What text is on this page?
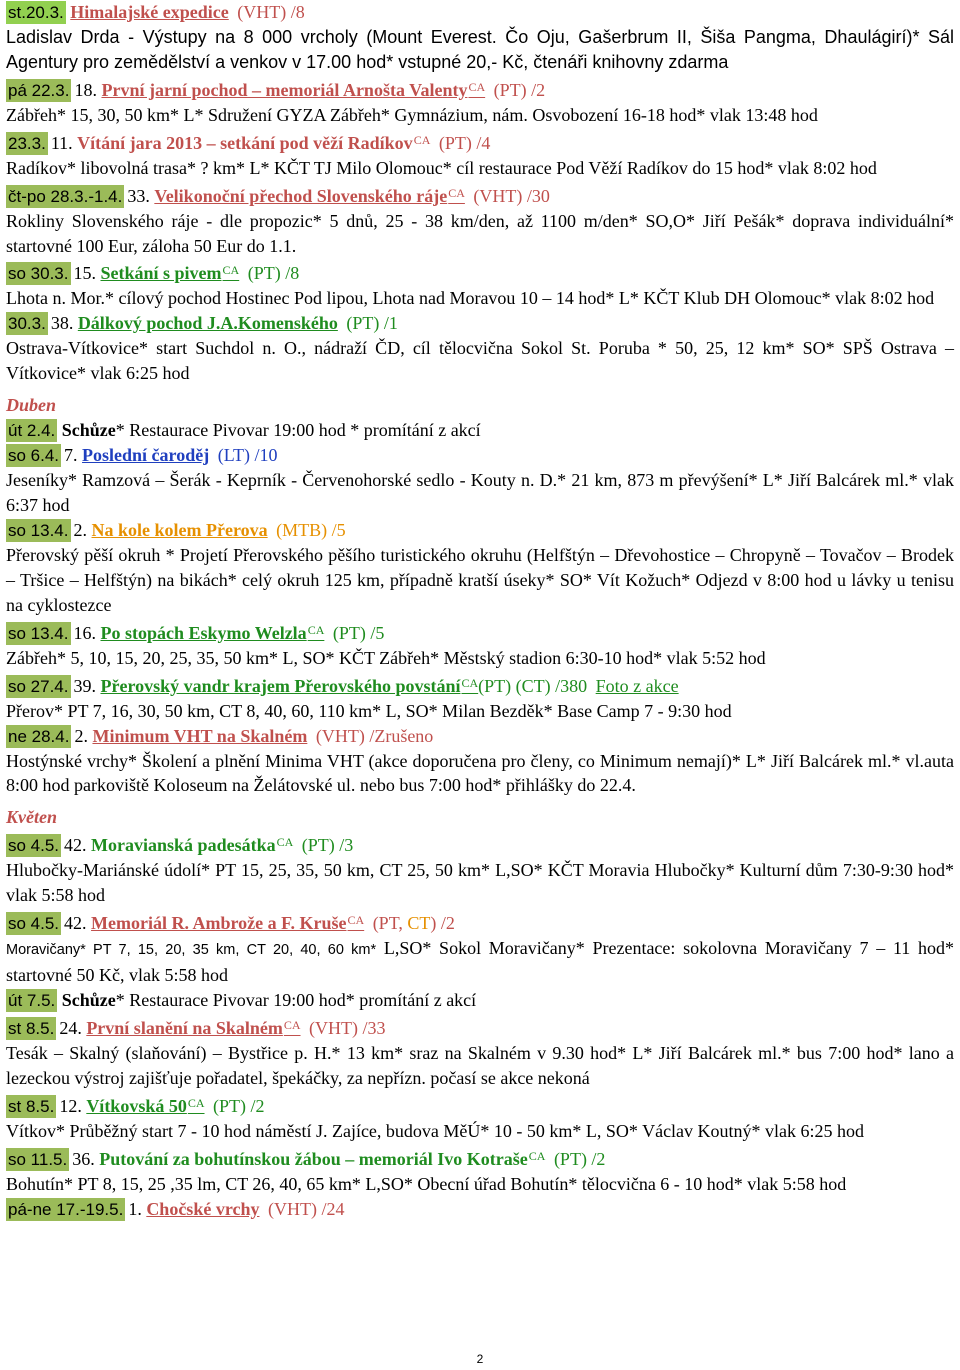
st.20.3. Himalajské expedice (VHT) /8
Ladislav Drda - Výstupy na 8 000 vrcholy (Mount Everest. Čo Oju, Gašerbrum II, Šiša Pangma, Dhaulágirí)* Sál Agentury pro zemědělství a venkov v 17.00 hod* vstupné 20,- Kč, čtenáři knihovny zdarma
pá 22.3. 18. První jarní pochod – memoriál Arnošta Valenty$^{CA}$ (PT) /2
Zábřeh* 15, 30, 50 km* L* Sdružení GYZA Zábřeh* Gymnázium, nám. Osvobození 16-18 hod* vlak 13:48 hod
23.3. 11. Vítání jara 2013 – setkání pod věží Radíkov$^{CA}$ (PT) /4
Radíkov* libovolná trasa* ? km* L* KČT TJ Milo Olomouc* cíl restaurace Pod Věží Radíkov do 15 hod* vlak 8:02 hod
čt-po 28.3.-1.4. 33. Velikonoční přechod Slovenského ráje$^{CA}$ (VHT) /30
Rokliny Slovenského ráje - dle propozic* 5 dnů, 25 - 38 km/den, až 1100 m/den* SO,O* Jiří Pešák* doprava individuální* startovné 100 Eur, záloha 50 Eur do 1.1.
so 30.3. 15. Setkání s pivem$^{CA}$ (PT) /8
Lhota n. Mor.* cílový pochod Hostinec Pod lipou, Lhota nad Moravou 10 – 14 hod* L* KČT Klub DH Olomouc* vlak 8:02 hod
30.3. 38. Dálkový pochod J.A.Komenského (PT) /1
Ostrava-Vítkovice* start Suchdol n. O., nádraží ČD, cíl tělocvična Sokol St. Poruba * 50, 25, 12 km* SO* SPŠ Ostrava – Vítkovice* vlak 6:25 hod
Duben
út 2.4. Schůze* Restaurace Pivovar 19:00 hod * promítání z akcí
so 6.4. 7. Poslední čaroděj (LT) /10
Jeseníky* Ramzová – Šerák - Keprník - Červenohorské sedlo - Kouty n. D.* 21 km, 873 m převýšení* L* Jiří Balcárek ml.* vlak 6:37 hod
so 13.4. 2. Na kole kolem Přerova (MTB) /5
Přerovský pěší okruh * Projetí Přerovského pěšího turistického okruhu (Helfštýn – Dřevohostice – Chropyně – Tovačov – Brodek – Tršice – Helfštýn) na bikách* celý okruh 125 km, případně kratší úseky* SO* Vít Kožuch* Odjezd v 8:00 hod u lávky u tenisu na cyklostezce
so 13.4. 16. Po stopách Eskymo Welzla$^{CA}$ (PT) /5
Zábřeh* 5, 10, 15, 20, 25, 35, 50 km* L, SO* KČT Zábřeh* Městský stadion 6:30-10 hod* vlak 5:52 hod
so 27.4. 39. Přerovský vandr krajem Přerovského povstání$^{CA}$(PT) (CT) /380 Foto z akce
Přerov* PT 7, 16, 30, 50 km, CT 8, 40, 60, 110 km* L, SO* Milan Bezděk* Base Camp 7 - 9:30 hod
ne 28.4. 2. Minimum VHT na Skalném (VHT) /Zrušeno
Hostýnské vrchy* Školení a plnění Minima VHT (akce doporučena pro členy, co Minimum nemají)* L* Jiří Balcárek ml.* vl.auta 8:00 hod parkoviště Koloseum na Želátovské ul. nebo bus 7:00 hod* přihlášky do 22.4.
Květen
so 4.5. 42. Moravianská padesátka$^{CA}$ (PT) /3
Hlubočky-Mariánské údolí* PT 15, 25, 35, 50 km, CT 25, 50 km* L,SO* KČT Moravia Hlubočky* Kulturní dům 7:30-9:30 hod* vlak 5:58 hod
so 4.5. 42. Memoriál R. Ambrože a F. Kruše$^{CA}$ (PT, CT) /2
Moravičany* PT 7, 15, 20, 35 km, CT 20, 40, 60 km* L,SO* Sokol Moravičany* Prezentace: sokolovna Moravičany 7 – 11 hod* startovné 50 Kč, vlak 5:58 hod
út 7.5. Schůze* Restaurace Pivovar 19:00 hod* promítání z akcí
st 8.5. 24. První slanění na Skalném$^{CA}$ (VHT) /33
Tesák – Skalný (slaňování) – Bystřice p. H.* 13 km* sraz na Skalném v 9.30 hod* L* Jiří Balcárek ml.* bus 7:00 hod* lano a lezeckou výstroj zajišťuje pořadatel, špekáčky, za nepřízn. počasí se akce nekoná
st 8.5. 12. Vítkovská $50^{CA}$ (PT) /2
Vítkov* Průběžný start 7 - 10 hod náměstí J. Zajíce, budova MěÚ* 10 - 50 km* L, SO* Václav Koutný* vlak 6:25 hod
so 11.5. 36. Putování za bohutínskou žábou – memoriál Ivo Kotraše$^{CA}$ (PT) /2
Bohutín* PT 8, 15, 25 ,35 lm, CT 26, 40, 65 km* L,SO* Obecní úřad Bohutín* tělocvična 6 - 10 hod* vlak 5:58 hod
pá-ne 17.-19.5. 1. Chočské vrchy (VHT) /24
2
